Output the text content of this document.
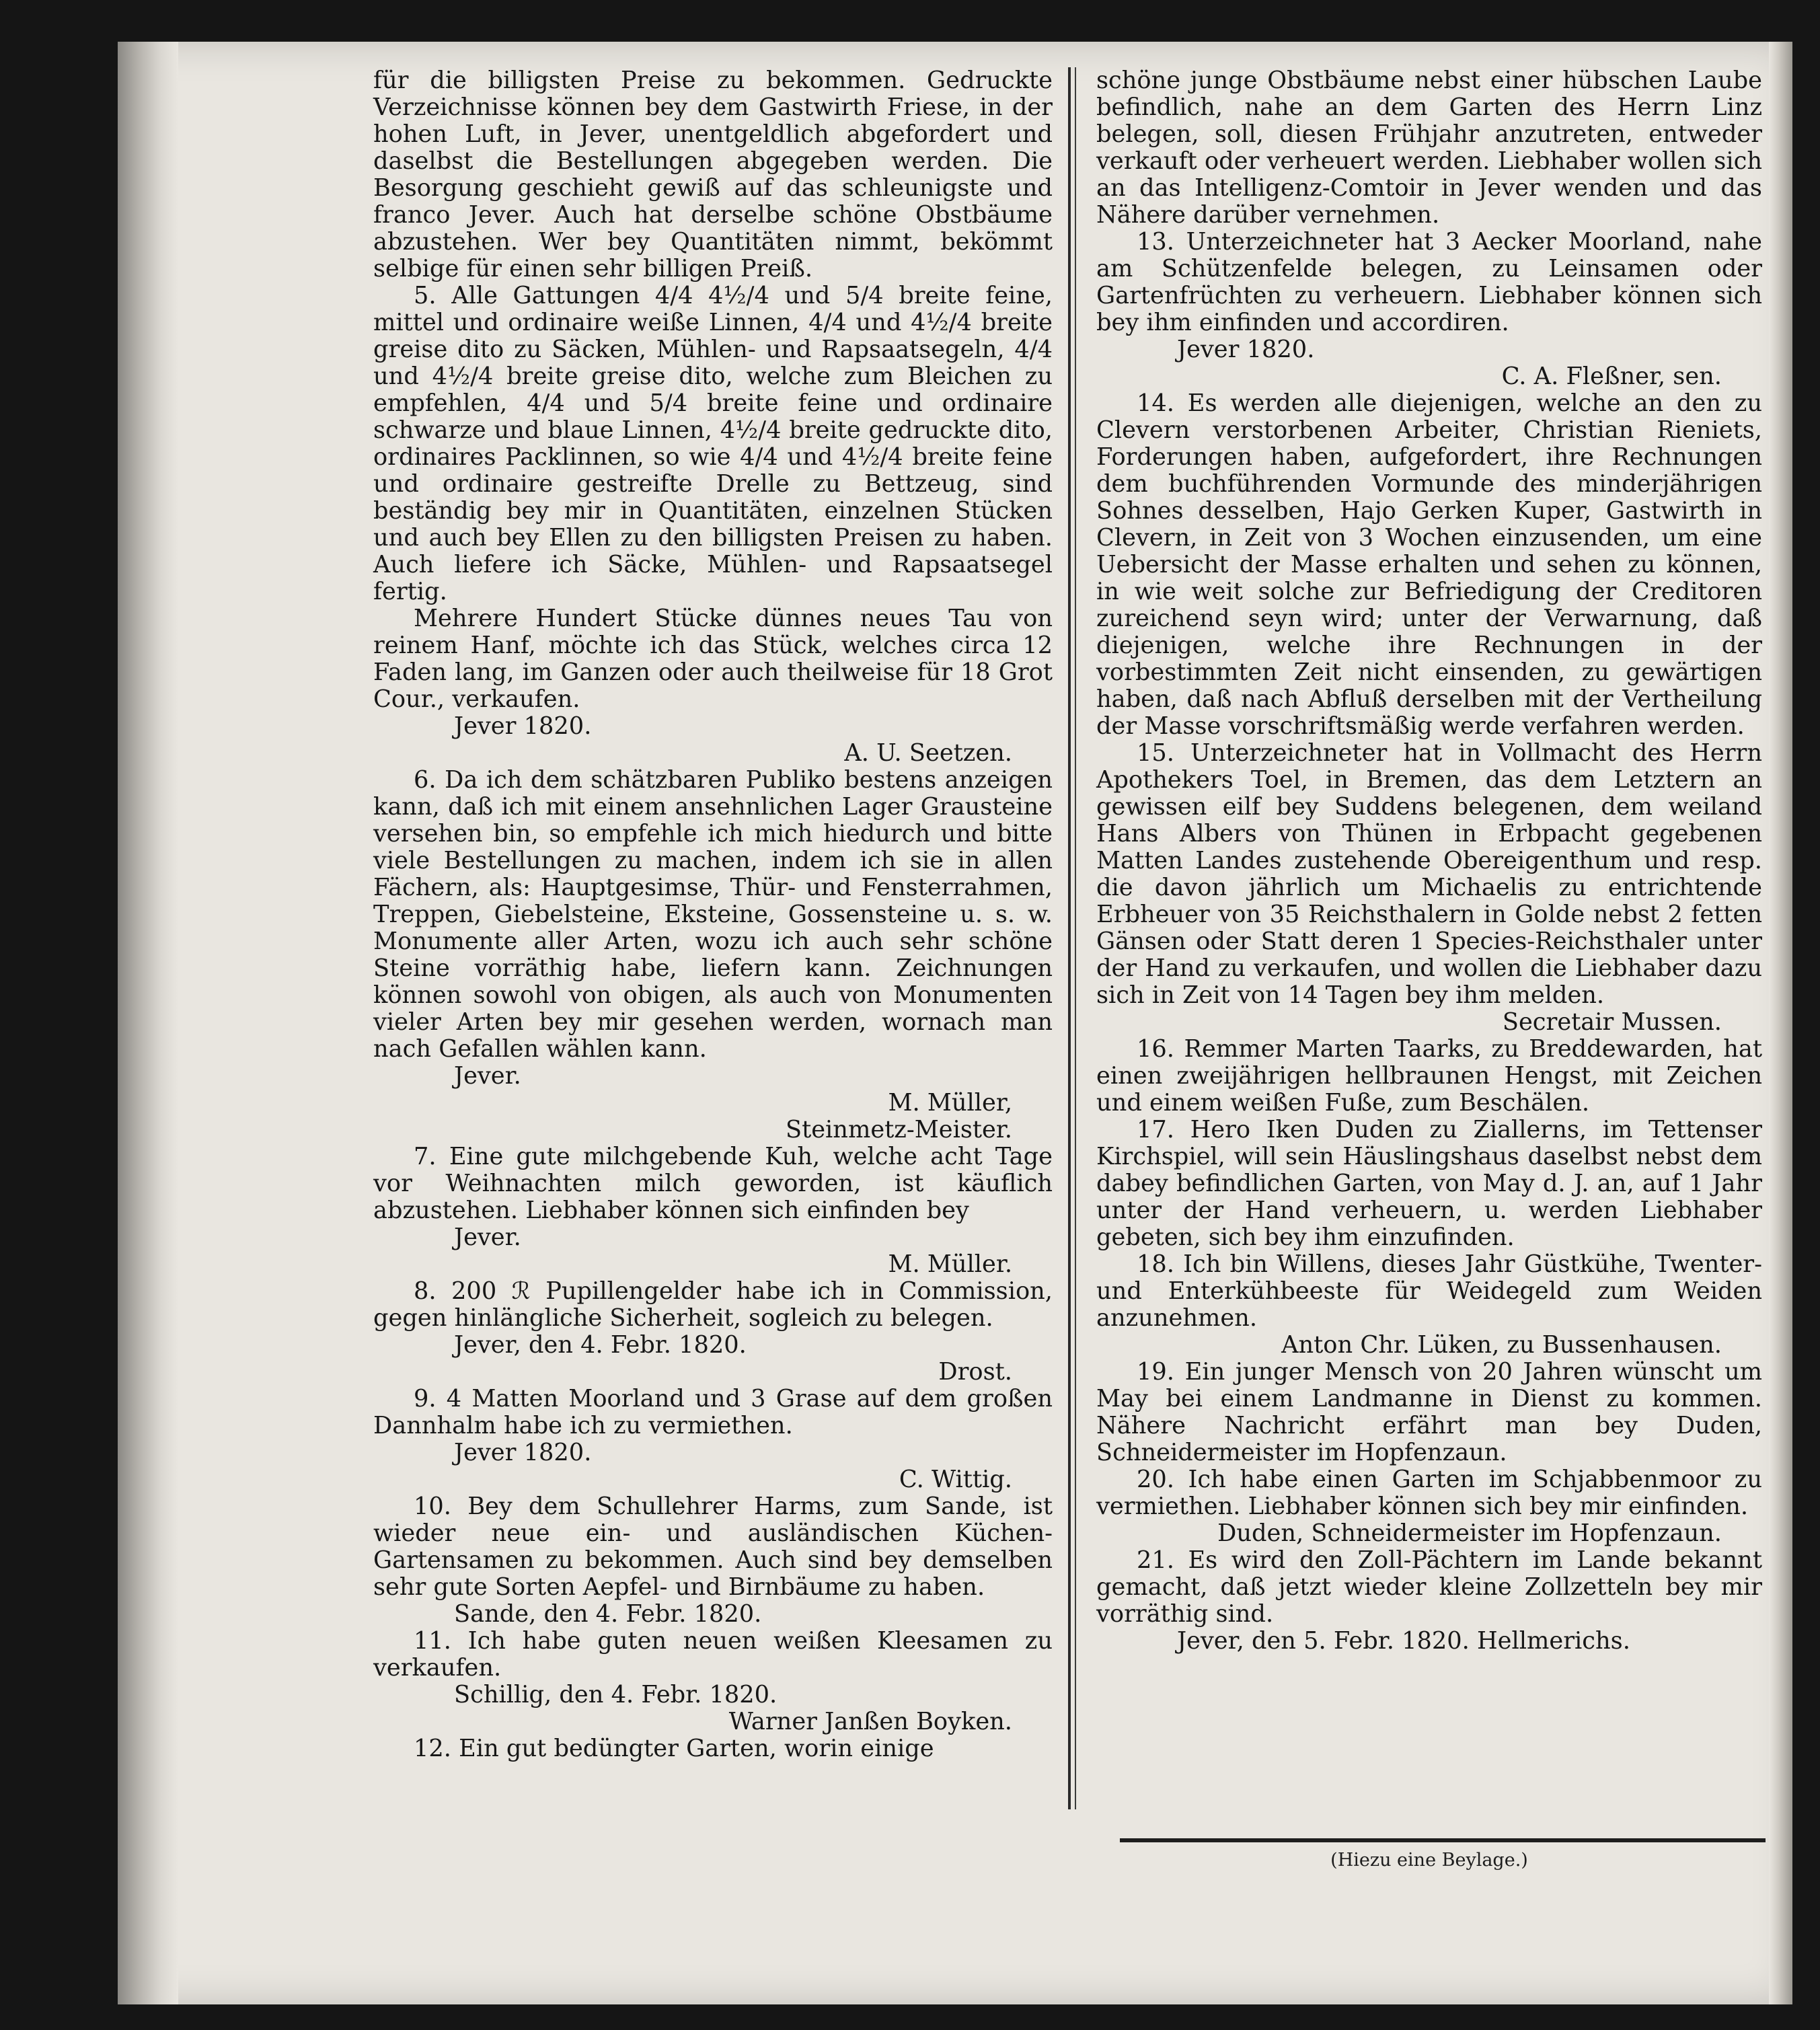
für die billigsten Preise zu bekommen. Gedruckte Verzeichnisse können bey dem Gastwirth Friese, in der hohen Luft, in Jever, unentgeldlich abgefordert und daselbst die Bestellungen abgegeben werden. Die Besorgung geschieht gewiß auf das schleunigste und franco Jever. Auch hat derselbe schöne Obstbäume abzustehen. Wer bey Quantitäten nimmt, bekömmt selbige für einen sehr billigen Preiß.

5. Alle Gattungen 4/4 4½/4 und 5/4 breite feine, mittel und ordinaire weiße Linnen, 4/4 und 4½/4 breite greise dito zu Säcken, Mühlen- und Rapsaatsegeln, 4/4 und 4½/4 breite greise dito, welche zum Bleichen zu empfehlen, 4/4 und 5/4 breite feine und ordinaire schwarze und blaue Linnen, 4½/4 breite gedruckte dito, ordinaires Packlinnen, so wie 4/4 und 4½/4 breite feine und ordinaire gestreifte Drelle zu Bettzeug, sind beständig bey mir in Quantitäten, einzelnen Stücken und auch bey Ellen zu den billigsten Preisen zu haben. Auch liefere ich Säcke, Mühlen- und Rapsaatsegel fertig.

Mehrere Hundert Stücke dünnes neues Tau von reinem Hanf, möchte ich das Stück, welches circa 12 Faden lang, im Ganzen oder auch theilweise für 18 Grot Cour., verkaufen.

Jever 1820.

A. U. Seetzen.

6. Da ich dem schätzbaren Publiko bestens anzeigen kann, daß ich mit einem ansehnlichen Lager Grausteine versehen bin, so empfehle ich mich hiedurch und bitte viele Bestellungen zu machen, indem ich sie in allen Fächern, als: Hauptgesimse, Thür- und Fensterrahmen, Treppen, Giebelsteine, Eksteine, Gossensteine u. s. w. Monumente aller Arten, wozu ich auch sehr schöne Steine vorräthig habe, liefern kann. Zeichnungen können sowohl von obigen, als auch von Monumenten vieler Arten bey mir gesehen werden, wornach man nach Gefallen wählen kann.

Jever.

M. Müller,

Steinmetz-Meister.

7. Eine gute milchgebende Kuh, welche acht Tage vor Weihnachten milch geworden, ist käuflich abzustehen. Liebhaber können sich einfinden bey

Jever.

M. Müller.

8. 200 ℛ Pupillengelder habe ich in Commission, gegen hinlängliche Sicherheit, sogleich zu belegen.

Jever, den 4. Febr. 1820.

Drost.

9. 4 Matten Moorland und 3 Grase auf dem großen Dannhalm habe ich zu vermiethen.

Jever 1820.

C. Wittig.

10. Bey dem Schullehrer Harms, zum Sande, ist wieder neue ein- und ausländischen Küchen-Gartensamen zu bekommen. Auch sind bey demselben sehr gute Sorten Aepfel- und Birnbäume zu haben.

Sande, den 4. Febr. 1820.

11. Ich habe guten neuen weißen Kleesamen zu verkaufen.

Schillig, den 4. Febr. 1820.

Warner Janßen Boyken.

12. Ein gut bedüngter Garten, worin einige

schöne junge Obstbäume nebst einer hübschen Laube befindlich, nahe an dem Garten des Herrn Linz belegen, soll, diesen Frühjahr anzutreten, entweder verkauft oder verheuert werden. Liebhaber wollen sich an das Intelligenz-Comtoir in Jever wenden und das Nähere darüber vernehmen.

13. Unterzeichneter hat 3 Aecker Moorland, nahe am Schützenfelde belegen, zu Leinsamen oder Gartenfrüchten zu verheuern. Liebhaber können sich bey ihm einfinden und accordiren.

Jever 1820.

C. A. Fleßner, sen.

14. Es werden alle diejenigen, welche an den zu Clevern verstorbenen Arbeiter, Christian Rieniets, Forderungen haben, aufgefordert, ihre Rechnungen dem buchführenden Vormunde des minderjährigen Sohnes desselben, Hajo Gerken Kuper, Gastwirth in Clevern, in Zeit von 3 Wochen einzusenden, um eine Uebersicht der Masse erhalten und sehen zu können, in wie weit solche zur Befriedigung der Creditoren zureichend seyn wird; unter der Verwarnung, daß diejenigen, welche ihre Rechnungen in der vorbestimmten Zeit nicht einsenden, zu gewärtigen haben, daß nach Abfluß derselben mit der Vertheilung der Masse vorschriftsmäßig werde verfahren werden.

15. Unterzeichneter hat in Vollmacht des Herrn Apothekers Toel, in Bremen, das dem Letztern an gewissen eilf bey Suddens belegenen, dem weiland Hans Albers von Thünen in Erbpacht gegebenen Matten Landes zustehende Obereigenthum und resp. die davon jährlich um Michaelis zu entrichtende Erbheuer von 35 Reichsthalern in Golde nebst 2 fetten Gänsen oder Statt deren 1 Species-Reichsthaler unter der Hand zu verkaufen, und wollen die Liebhaber dazu sich in Zeit von 14 Tagen bey ihm melden.

Secretair Mussen.

16. Remmer Marten Taarks, zu Breddewarden, hat einen zweijährigen hellbraunen Hengst, mit Zeichen und einem weißen Fuße, zum Beschälen.

17. Hero Iken Duden zu Ziallerns, im Tettenser Kirchspiel, will sein Häuslingshaus daselbst nebst dem dabey befindlichen Garten, von May d. J. an, auf 1 Jahr unter der Hand verheuern, u. werden Liebhaber gebeten, sich bey ihm einzufinden.

18. Ich bin Willens, dieses Jahr Güstkühe, Twenter- und Enterkühbeeste für Weidegeld zum Weiden anzunehmen.

Anton Chr. Lüken, zu Bussenhausen.

19. Ein junger Mensch von 20 Jahren wünscht um May bei einem Landmanne in Dienst zu kommen. Nähere Nachricht erfährt man bey Duden, Schneidermeister im Hopfenzaun.

20. Ich habe einen Garten im Schjabbenmoor zu vermiethen. Liebhaber können sich bey mir einfinden.

Duden, Schneidermeister im Hopfenzaun.

21. Es wird den Zoll-Pächtern im Lande bekannt gemacht, daß jetzt wieder kleine Zollzetteln bey mir vorräthig sind.

Jever, den 5. Febr. 1820. Hellmerichs.

(Hiezu eine Beylage.)
